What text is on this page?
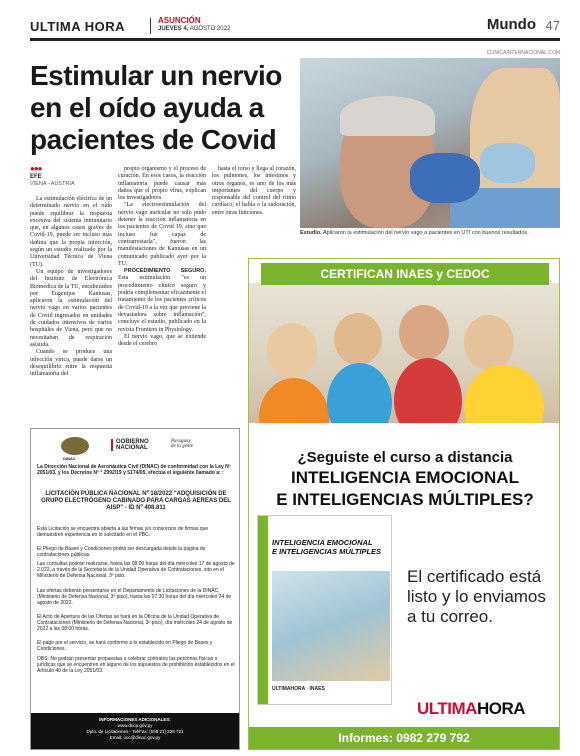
ULTIMA HORA	ASUNCIÓN
JUEVES 4, AGOSTO 2022	Mundo 47
CLINICAINTERNACIONAL.COM
Estimular un nervio en el oído ayuda a pacientes de Covid
Estudio. Aplicaron la estimulación del nervio vago a pacientes en UTI con buenos resultados.
●●●
EFE
VIENA - AUSTRIA

La estimulación eléctrica de un determinado nervio en el oído puede equilibrar la respuesta excesiva del sistema inmunitario que, en algunos casos graves de Covid-19, puede ser incluso más dañina que la propia infección, según un estudio realizado por la Universidad Técnica de Viena (TU).

Un equipo de investigadores del Instituto de Electrónica Biomédica de la TU, encabezados por Eugenijus Kaniusas, aplicaron la estimulación del nervio vago en varios pacientes de Covid ingresados en unidades de cuidados intensivos de varios hospitales de Viena, pero que no necesitaban de respiración asistida.

Cuando se produce una infección vírica, puede darse un desequilibrio entre la respuesta inflamatoria del

propio organismo y el proceso de curación. En esos casos, la reacción inflamatoria puede causar más daños que el propio virus, explican los investigadores.

"La electroestimulación del nervio vago auricular no solo pudo detener la reacción inflamatoria en los pacientes de Covid 19, sino que incluso fue capaz de contrarrestarla", fueron las manifestaciones de Kaniusas en un comunicado publicado ayer por la TU.

PROCEDIMIENTO SEGURO. Esta estimulación "es un procedimiento clínico seguro y podría complementar eficazmente el tratamiento de los pacientes críticos de Covid-19 a la vez que previene la devastadora sobre inflamación", concluye el estudio, publicado en la revista Frontiers in Physiology.

El nervio vago, que se extiende desde el cerebro

hasta el torso y llega al corazón, los pulmones, los intestinos y otros órganos, es uno de los más importantes del cuerpo y responsable del control del ritmo cardíaco, el habla o la sudoración, entre otras funciones.

DINAC
GOBIERNO
NACIONAL
Paraguay
de la gente
La Dirección Nacional de Aeronáutica Civil (DINAC) de conformidad con la Ley Nº 2051/03, y los Decretos Nº ° 2992/19 y 5174/05, efectúa el siguiente llamado a: :
LICITACIÓN PÚBLICA NACIONAL Nº 18/2022 "ADQUISICIÓN DE GRUPO ELECTRÓGENO CABINADO PARA CARGAS AEREAS DEL AISP" - ID Nº 408.811
Esta Licitación se encuentra abierta a las firmas y/o consorcios de firmas que demuestren experiencia en lo solicitado en el PBC.
El Pliego de Bases y Condiciones podrá ser descargada desde la página de contrataciones públicas.
Las consultas podrán realizarse, hasta las 08:00 horas del día miércoles 17 de agosto de 2.022, a través de la Secretaría de la Unidad Operativa de Contrataciones, sito en el Ministerio de Defensa Nacional, 3º piso.
Las ofertas deberán presentarse en el Departamento de Licitaciones de la DINAC, (Ministerio de Defensa Nacional, 3º piso), hasta las 07:30 horas del día miércoles 24 de agosto de 2022.
El Acto de Apertura de las Ofertas se hará en la Oficina de la Unidad Operativa de Contrataciones (Ministerio de Defensa Nacional, 3º piso), día miércoles 24 de agosto de 2022 a las 08:00 horas.
El pago por el servicio, se hará conforme a lo establecido en Pliego de Bases y Condiciones.
OBS: No podrán presentar propuestas o celebrar contratos las personas físicas o jurídicas que se encuentren en alguno de los supuestos de prohibición establecidos en el Artículo 40 de la Ley 2051/03.
INFORMACIONES ADICIONALES:
www.dncp.gov.py
Dpto. de Licitaciones - Tel/Fax: (595 21) 228 721
Email: uoc@dinac.gov.py
CERTIFICAN INAES y CEDOC
¿Seguiste el curso a distancia
INTELIGENCIA EMOCIONAL
E INTELIGENCIAS MÚLTIPLES?
INTELIGENCIA EMOCIONAL
E INTELIGENCIAS MÚLTIPLES
ULTIMAHORA · INAES
El certificado está listo y lo enviamos a tu correo.
ULTIMAHORA
Informes: 0982 279 792
